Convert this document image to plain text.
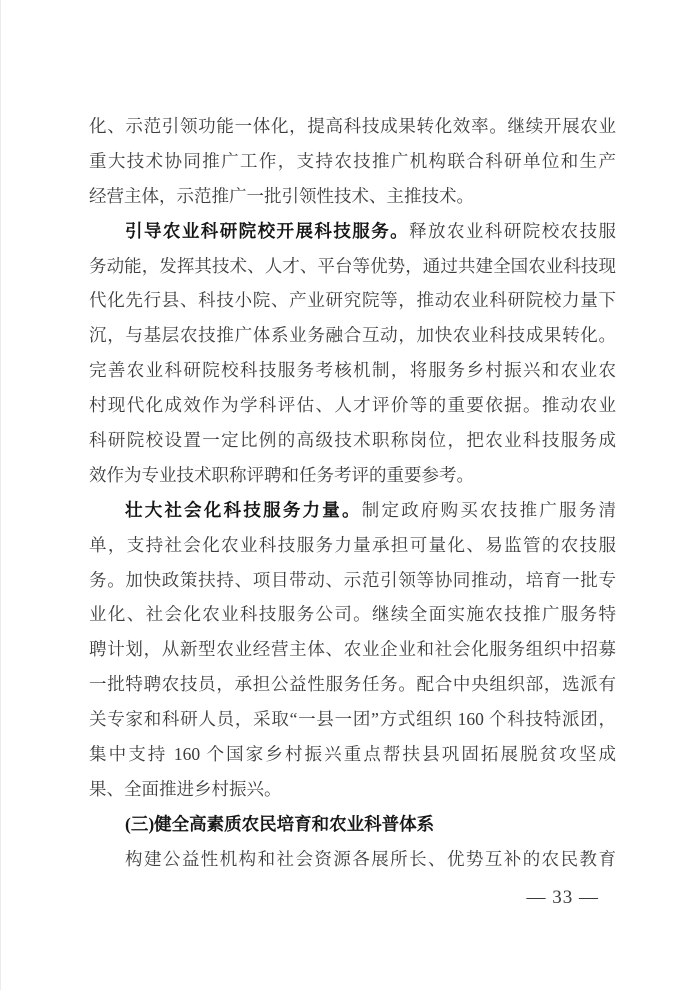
化、示范引领功能一体化，提高科技成果转化效率。继续开展农业
重大技术协同推广工作，支持农技推广机构联合科研单位和生产
经营主体，示范推广一批引领性技术、主推技术。
引导农业科研院校开展科技服务。释放农业科研院校农技服
务动能，发挥其技术、人才、平台等优势，通过共建全国农业科技现
代化先行县、科技小院、产业研究院等，推动农业科研院校力量下
沉，与基层农技推广体系业务融合互动，加快农业科技成果转化。
完善农业科研院校科技服务考核机制，将服务乡村振兴和农业农
村现代化成效作为学科评估、人才评价等的重要依据。推动农业
科研院校设置一定比例的高级技术职称岗位，把农业科技服务成
效作为专业技术职称评聘和任务考评的重要参考。
壮大社会化科技服务力量。制定政府购买农技推广服务清
单，支持社会化农业科技服务力量承担可量化、易监管的农技服
务。加快政策扶持、项目带动、示范引领等协同推动，培育一批专
业化、社会化农业科技服务公司。继续全面实施农技推广服务特
聘计划，从新型农业经营主体、农业企业和社会化服务组织中招募
一批特聘农技员，承担公益性服务任务。配合中央组织部，选派有
关专家和科研人员，采取“一县一团”方式组织 160 个科技特派团，
集中支持 160 个国家乡村振兴重点帮扶县巩固拓展脱贫攻坚成
果、全面推进乡村振兴。
(三)健全高素质农民培育和农业科普体系
构建公益性机构和社会资源各展所长、优势互补的农民教育
— 33 —
